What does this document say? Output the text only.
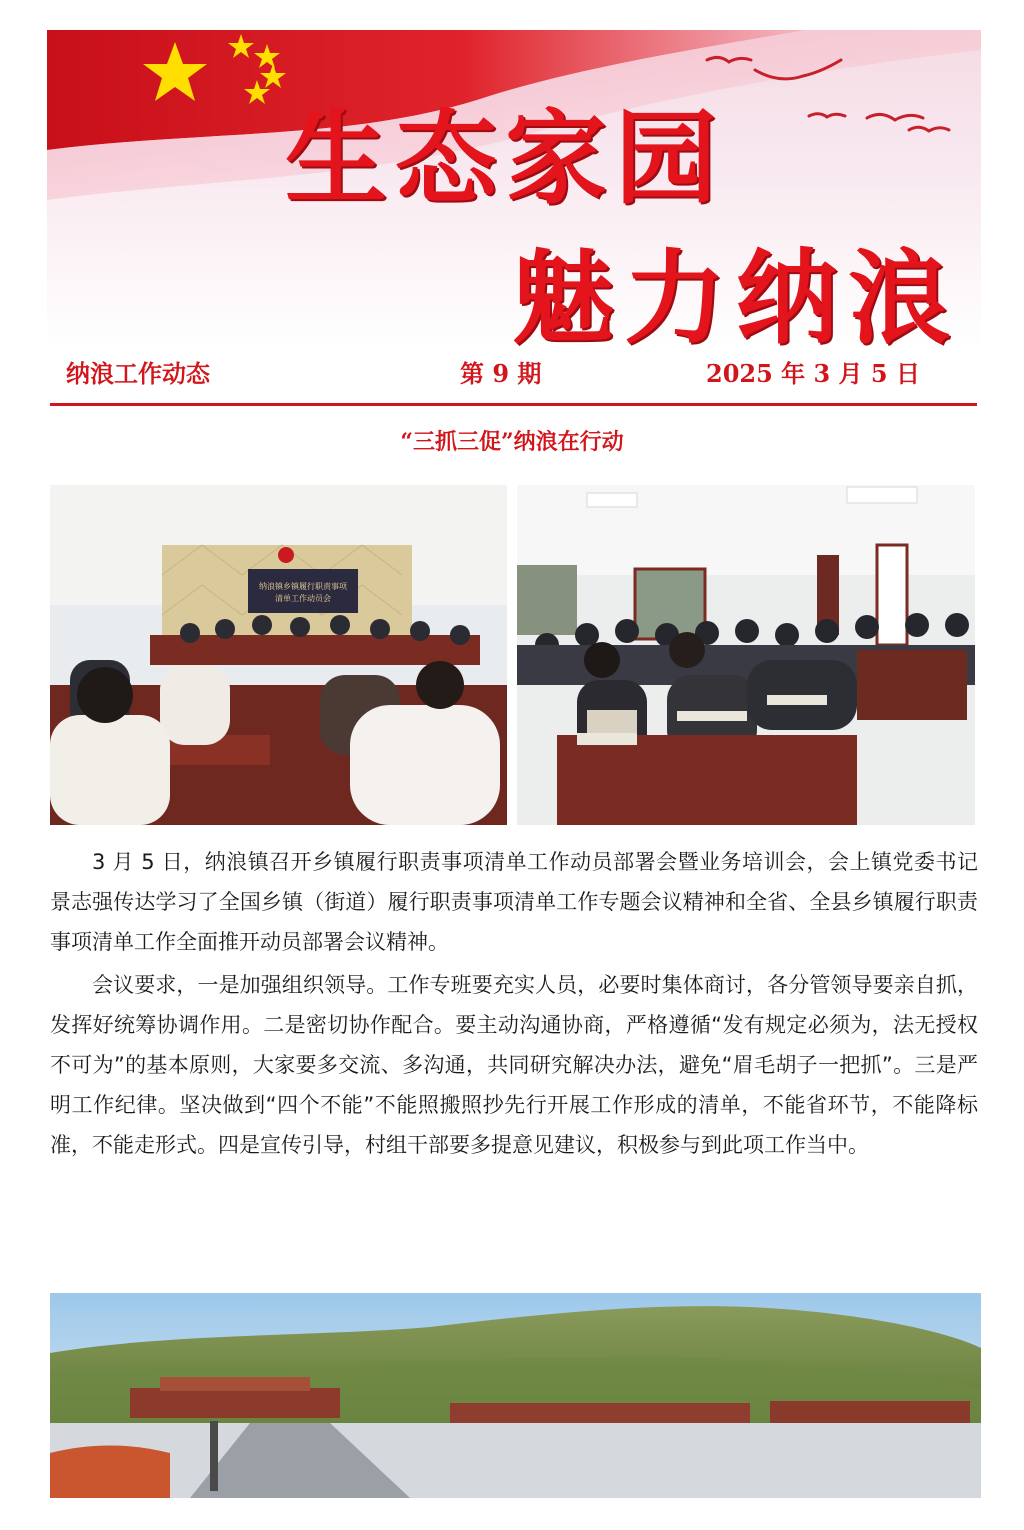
生态家园
魅力纳浪
纳浪工作动态	第 9 期	2025 年 3 月 5 日
“三抓三促”纳浪在行动
纳浪镇乡镇履行职责事项
清单工作动员会

3 月 5 日，纳浪镇召开乡镇履行职责事项清单工作动员部署会暨业务培训会，会上镇党委书记景志强传达学习了全国乡镇（街道）履行职责事项清单工作专题会议精神和全省、全县乡镇履行职责事项清单工作全面推开动员部署会议精神。

会议要求，一是加强组织领导。工作专班要充实人员，必要时集体商讨，各分管领导要亲自抓，发挥好统筹协调作用。二是密切协作配合。要主动沟通协商，严格遵循“发有规定必须为，法无授权不可为”的基本原则，大家要多交流、多沟通，共同研究解决办法，避免“眉毛胡子一把抓”。三是严明工作纪律。坚决做到“四个不能”不能照搬照抄先行开展工作形成的清单，不能省环节，不能降标准，不能走形式。四是宣传引导，村组干部要多提意见建议，积极参与到此项工作当中。
